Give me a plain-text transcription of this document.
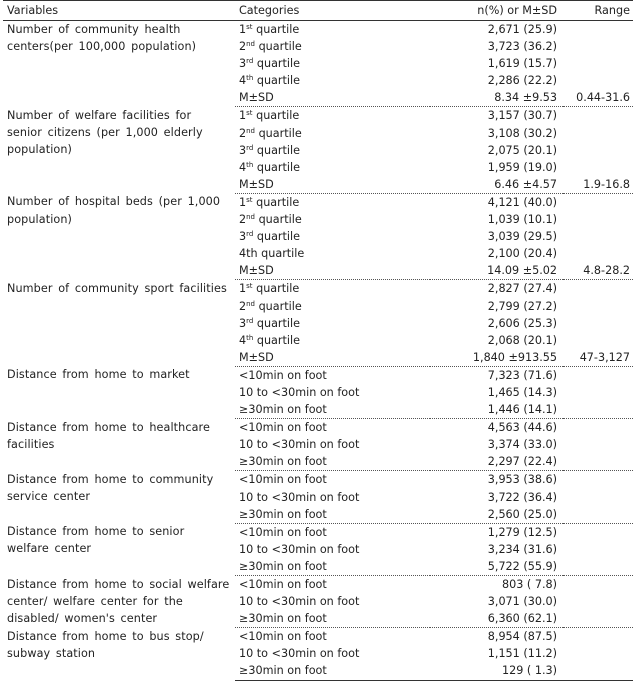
Variables	Categories	n(%) or M±SD	Range
Number of community health centers(per 100,000 population)	1st quartile	2,671 (25.9)	
	2nd quartile	3,723 (36.2)	
	3rd quartile	1,619 (15.7)	
	4th quartile	2,286 (22.2)	
	M±SD	8.34 ±9.53	0.44-31.6
Number of welfare facilities for senior citizens (per 1,000 elderly population)	1st quartile	3,157 (30.7)	
	2nd quartile	3,108 (30.2)	
	3rd quartile	2,075 (20.1)	
	4th quartile	1,959 (19.0)	
	M±SD	6.46 ±4.57	1.9-16.8
Number of hospital beds (per 1,000 population)	1st quartile	4,121 (40.0)	
	2nd quartile	1,039 (10.1)	
	3rd quartile	3,039 (29.5)	
	4th quartile	2,100 (20.4)	
	M±SD	14.09 ±5.02	4.8-28.2
Number of community sport facilities	1st quartile	2,827 (27.4)	
	2nd quartile	2,799 (27.2)	
	3rd quartile	2,606 (25.3)	
	4th quartile	2,068 (20.1)	
	M±SD	1,840 ±913.55	47-3,127
Distance from home to market	<10min on foot	7,323 (71.6)	
	10 to <30min on foot	1,465 (14.3)	
	≥30min on foot	1,446 (14.1)	
Distance from home to healthcare facilities	<10min on foot	4,563 (44.6)	
	10 to <30min on foot	3,374 (33.0)	
	≥30min on foot	2,297 (22.4)	
Distance from home to community service center	<10min on foot	3,953 (38.6)	
	10 to <30min on foot	3,722 (36.4)	
	≥30min on foot	2,560 (25.0)	
Distance from home to senior welfare center	<10min on foot	1,279 (12.5)	
	10 to <30min on foot	3,234 (31.6)	
	≥30min on foot	5,722 (55.9)	
Distance from home to social welfare center/ welfare center for the disabled/ women's center	<10min on foot	803 ( 7.8)	
	10 to <30min on foot	3,071 (30.0)	
	≥30min on foot	6,360 (62.1)	
Distance from home to bus stop/ subway station	<10min on foot	8,954 (87.5)	
	10 to <30min on foot	1,151 (11.2)	
	≥30min on foot	129 ( 1.3)	
